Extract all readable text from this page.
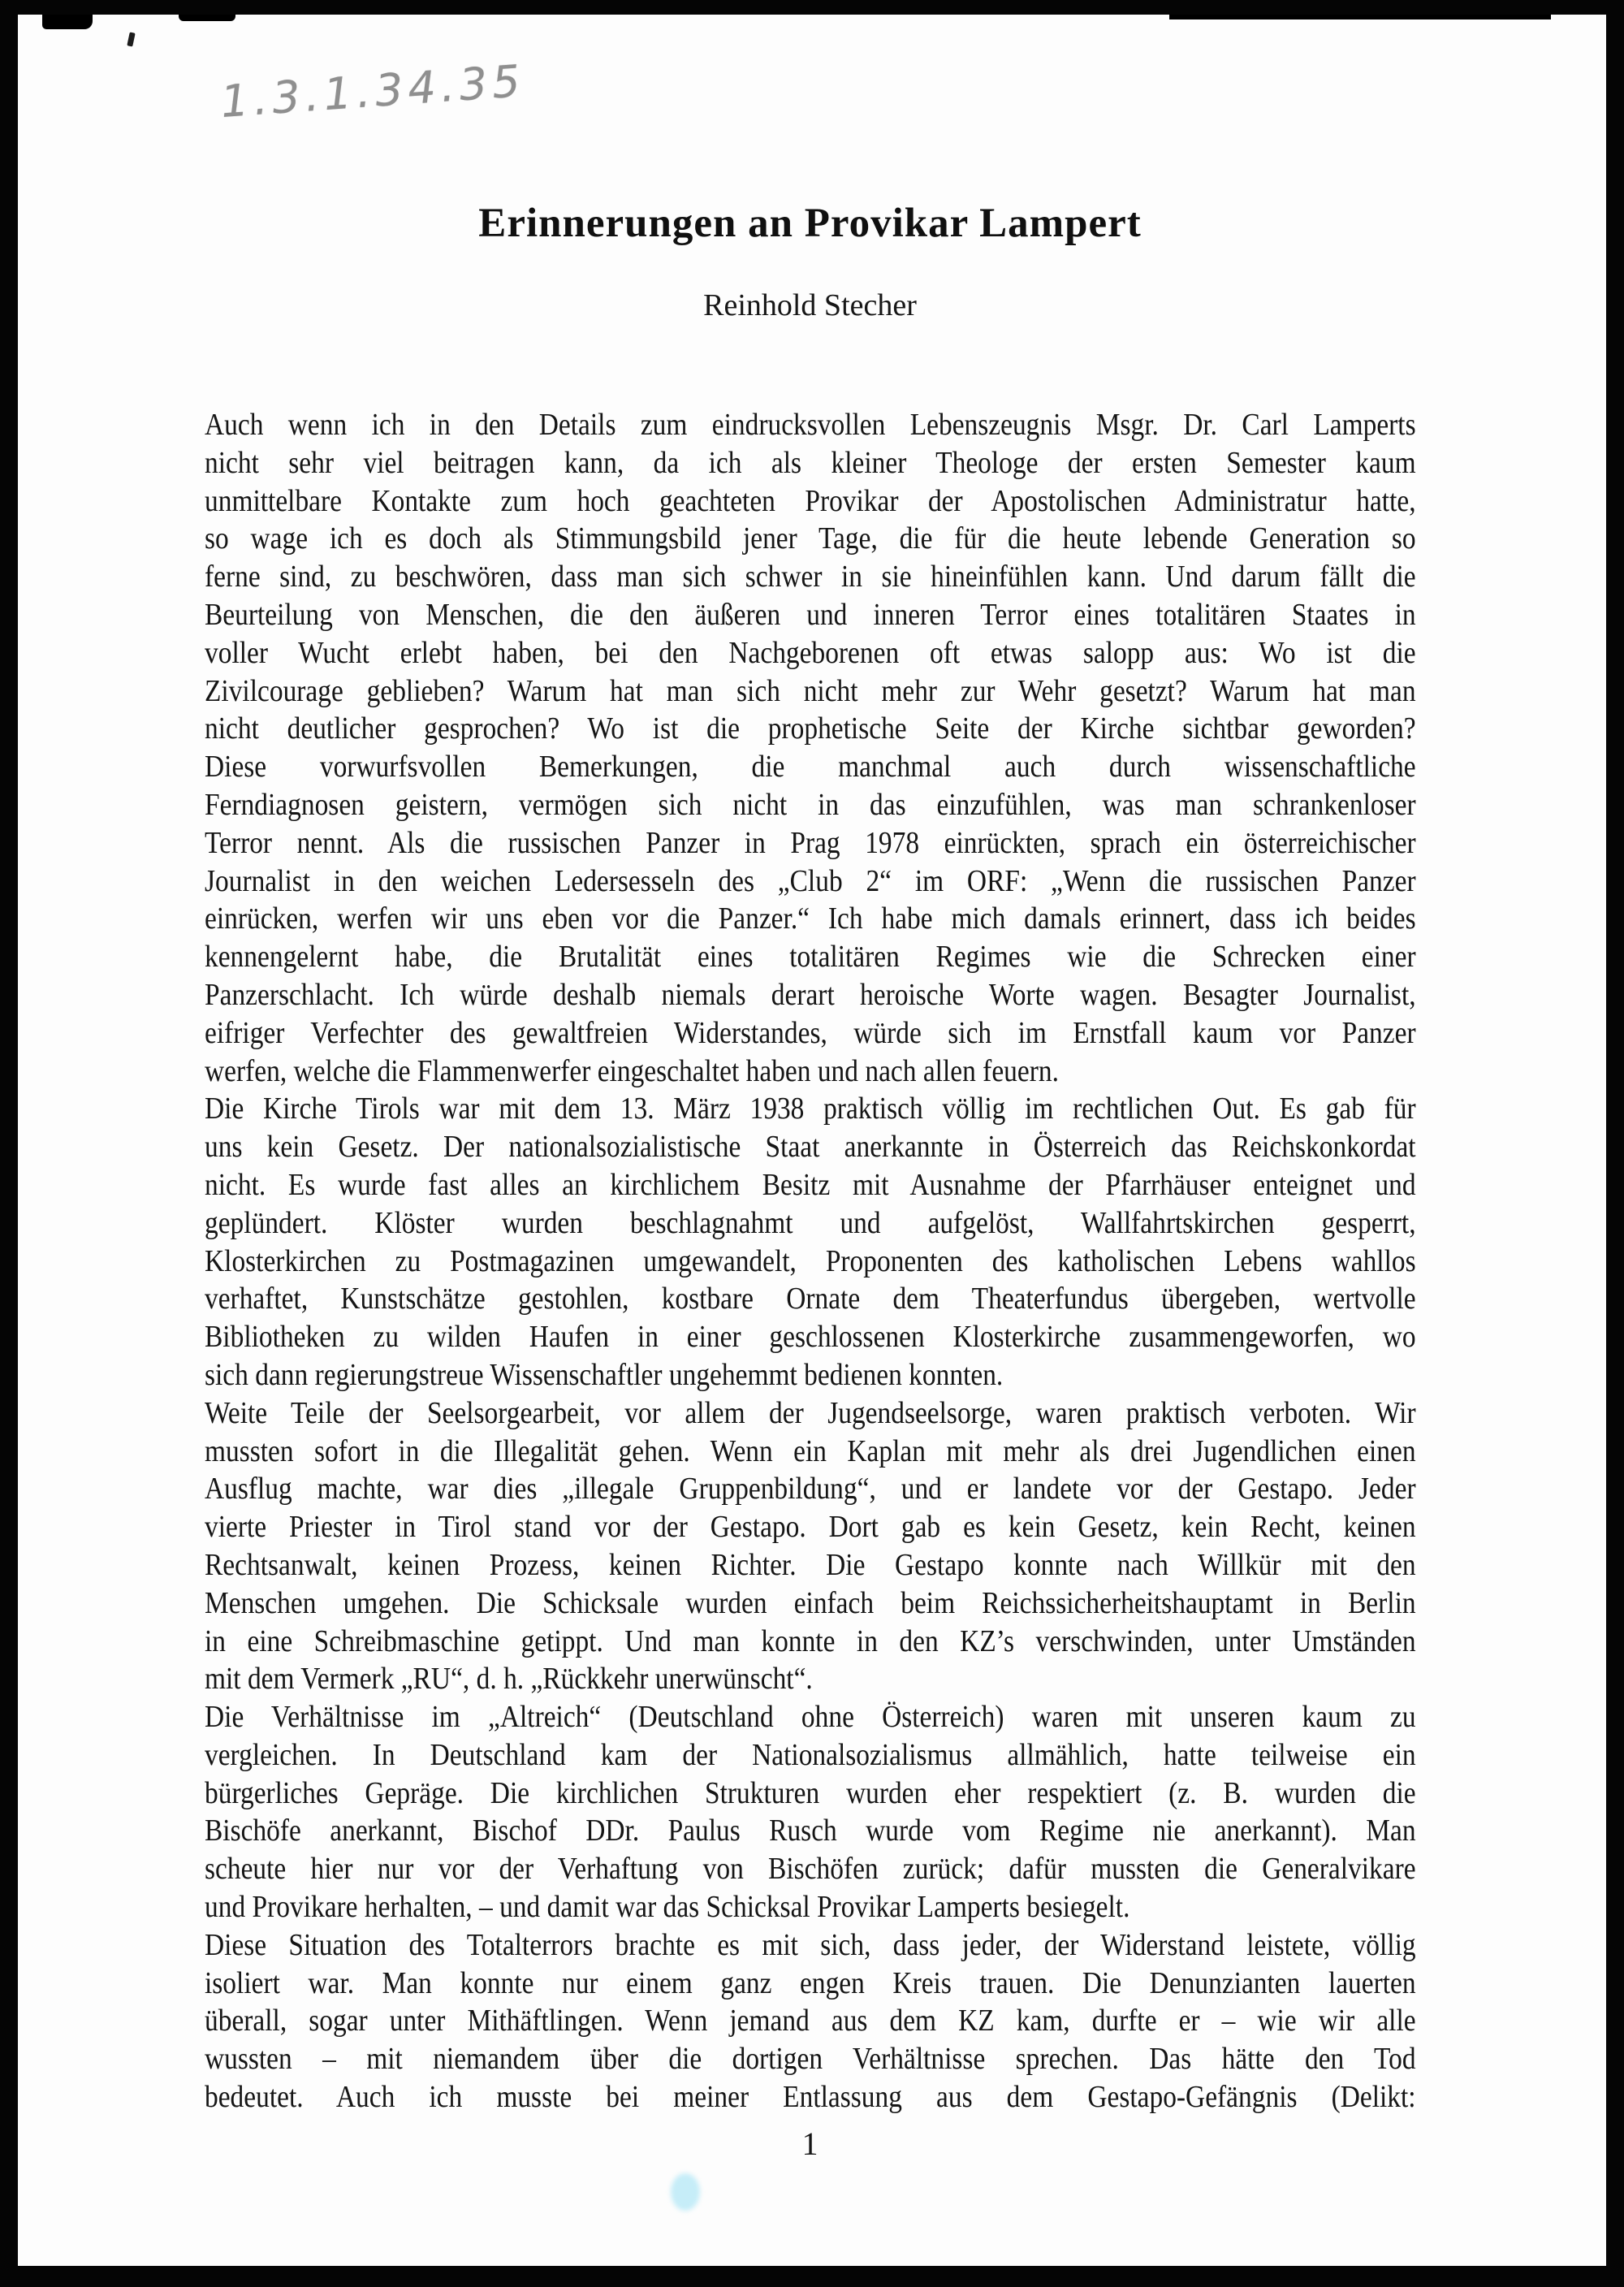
1.3.1.34.35
Erinnerungen an Provikar Lampert
Reinhold Stecher
Auch wenn ich in den Details zum eindrucksvollen Lebenszeugnis Msgr. Dr. Carl Lamperts
nicht sehr viel beitragen kann, da ich als kleiner Theologe der ersten Semester kaum
unmittelbare Kontakte zum hoch geachteten Provikar der Apostolischen Administratur hatte,
so wage ich es doch als Stimmungsbild jener Tage, die für die heute lebende Generation so
ferne sind, zu beschwören, dass man sich schwer in sie hineinfühlen kann. Und darum fällt die
Beurteilung von Menschen, die den äußeren und inneren Terror eines totalitären Staates in
voller Wucht erlebt haben, bei den Nachgeborenen oft etwas salopp aus: Wo ist die
Zivilcourage geblieben? Warum hat man sich nicht mehr zur Wehr gesetzt? Warum hat man
nicht deutlicher gesprochen? Wo ist die prophetische Seite der Kirche sichtbar geworden?
Diese vorwurfsvollen Bemerkungen, die manchmal auch durch wissenschaftliche
Ferndiagnosen geistern, vermögen sich nicht in das einzufühlen, was man schrankenloser
Terror nennt. Als die russischen Panzer in Prag 1978 einrückten, sprach ein österreichischer
Journalist in den weichen Ledersesseln des „Club 2“ im ORF: „Wenn die russischen Panzer
einrücken, werfen wir uns eben vor die Panzer.“ Ich habe mich damals erinnert, dass ich beides
kennengelernt habe, die Brutalität eines totalitären Regimes wie die Schrecken einer
Panzerschlacht. Ich würde deshalb niemals derart heroische Worte wagen. Besagter Journalist,
eifriger Verfechter des gewaltfreien Widerstandes, würde sich im Ernstfall kaum vor Panzer
werfen, welche die Flammenwerfer eingeschaltet haben und nach allen feuern.
Die Kirche Tirols war mit dem 13. März 1938 praktisch völlig im rechtlichen Out. Es gab für
uns kein Gesetz. Der nationalsozialistische Staat anerkannte in Österreich das Reichskonkordat
nicht. Es wurde fast alles an kirchlichem Besitz mit Ausnahme der Pfarrhäuser enteignet und
geplündert. Klöster wurden beschlagnahmt und aufgelöst, Wallfahrtskirchen gesperrt,
Klosterkirchen zu Postmagazinen umgewandelt, Proponenten des katholischen Lebens wahllos
verhaftet, Kunstschätze gestohlen, kostbare Ornate dem Theaterfundus übergeben, wertvolle
Bibliotheken zu wilden Haufen in einer geschlossenen Klosterkirche zusammengeworfen, wo
sich dann regierungstreue Wissenschaftler ungehemmt bedienen konnten.
Weite Teile der Seelsorgearbeit, vor allem der Jugendseelsorge, waren praktisch verboten. Wir
mussten sofort in die Illegalität gehen. Wenn ein Kaplan mit mehr als drei Jugendlichen einen
Ausflug machte, war dies „illegale Gruppenbildung“, und er landete vor der Gestapo. Jeder
vierte Priester in Tirol stand vor der Gestapo. Dort gab es kein Gesetz, kein Recht, keinen
Rechtsanwalt, keinen Prozess, keinen Richter. Die Gestapo konnte nach Willkür mit den
Menschen umgehen. Die Schicksale wurden einfach beim Reichssicherheitshauptamt in Berlin
in eine Schreibmaschine getippt. Und man konnte in den KZ’s verschwinden, unter Umständen
mit dem Vermerk „RU“, d. h. „Rückkehr unerwünscht“.
Die Verhältnisse im „Altreich“ (Deutschland ohne Österreich) waren mit unseren kaum zu
vergleichen. In Deutschland kam der Nationalsozialismus allmählich, hatte teilweise ein
bürgerliches Gepräge. Die kirchlichen Strukturen wurden eher respektiert (z. B. wurden die
Bischöfe anerkannt, Bischof DDr. Paulus Rusch wurde vom Regime nie anerkannt). Man
scheute hier nur vor der Verhaftung von Bischöfen zurück; dafür mussten die Generalvikare
und Provikare herhalten, – und damit war das Schicksal Provikar Lamperts besiegelt.
Diese Situation des Totalterrors brachte es mit sich, dass jeder, der Widerstand leistete, völlig
isoliert war. Man konnte nur einem ganz engen Kreis trauen. Die Denunzianten lauerten
überall, sogar unter Mithäftlingen. Wenn jemand aus dem KZ kam, durfte er – wie wir alle
wussten – mit niemandem über die dortigen Verhältnisse sprechen. Das hätte den Tod
bedeutet. Auch ich musste bei meiner Entlassung aus dem Gestapo-Gefängnis (Delikt:
1
